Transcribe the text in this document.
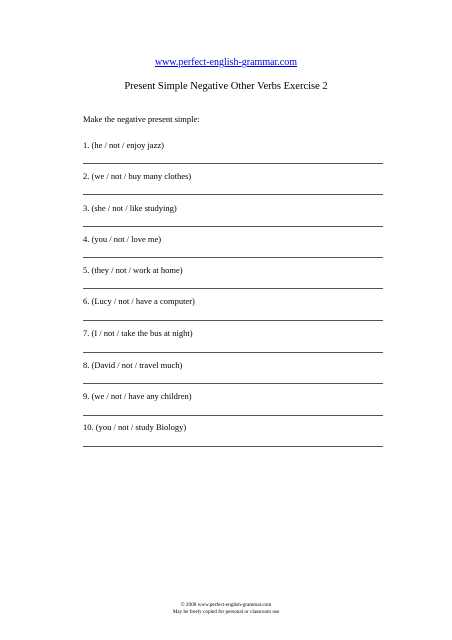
www.perfect-english-grammar.com
Present Simple Negative Other Verbs Exercise 2
Make the negative present simple:
1. (he / not / enjoy jazz)
2. (we / not / buy many clothes)
3. (she / not / like studying)
4. (you / not / love me)
5. (they / not / work at home)
6. (Lucy / not / have a computer)
7. (I / not / take the bus at night)
8. (David / not / travel much)
9. (we / not / have any children)
10. (you / not / study Biology)
© 2008 www.perfect-english-grammar.com
May be freely copied for personal or classroom use
